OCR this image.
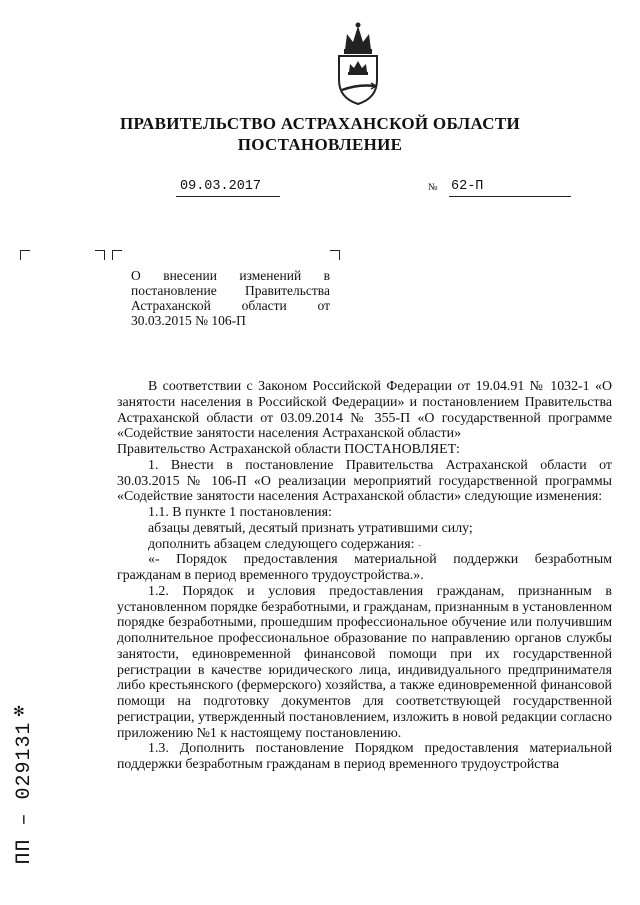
ПРАВИТЕЛЬСТВО АСТРАХАНСКОЙ ОБЛАСТИ
ПОСТАНОВЛЕНИЕ
09.03.2017	№ 62-П
О внесении изменений в постановление Правительства Астраханской области от 30.03.2015 № 106-П

В соответствии с Законом Российской Федерации от 19.04.91 № 1032-1 «О занятости населения в Российской Федерации» и постановлением Правительства Астраханской области от 03.09.2014 № 355-П «О государственной программе «Содействие занятости населения Астраханской области»

Правительство Астраханской области ПОСТАНОВЛЯЕТ:

1. Внести в постановление Правительства Астраханской области от 30.03.2015 № 106-П «О реализации мероприятий государственной программы «Содействие занятости населения Астраханской области» следующие изменения:

1.1. В пункте 1 постановления:

абзацы девятый, десятый признать утратившими силу;

дополнить абзацем следующего содержания:

«- Порядок предоставления материальной поддержки безработным гражданам в период временного трудоустройства.».

1.2. Порядок и условия предоставления гражданам, признанным в установленном порядке безработными, и гражданам, признанным в установленном порядке безработными, прошедшим профессиональное обучение или получившим дополнительное профессиональное образование по направлению органов службы занятости, единовременной финансовой помощи при их государственной регистрации в качестве юридического лица, индивидуального предпринимателя либо крестьянского (фермерского) хозяйства, а также единовременной финансовой помощи на подготовку документов для соответствующей государственной регистрации, утвержденный постановлением, изложить в новой редакции согласно приложению №1 к настоящему постановлению.

1.3. Дополнить постановление Порядком предоставления материальной поддержки безработным гражданам в период временного трудоустройства

ˎ
✻
ПП – 029131
